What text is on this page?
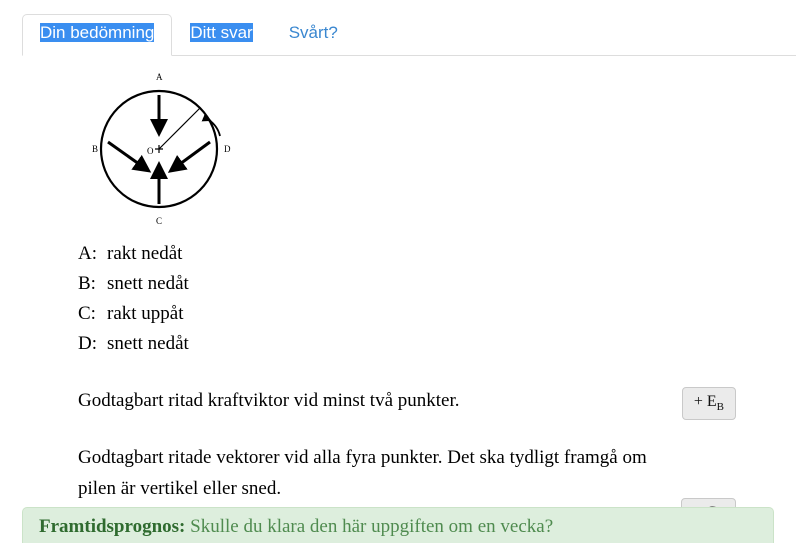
Din bedömning	Ditt svar	Svårt?
O
A
B
C
D
A: rakt nedåt
B: snett nedåt
C: rakt uppåt
D: snett nedåt
Godtagbart ritad kraftviktor vid minst två punkter.	+ $E_B$
Godtagbart ritade vektorer vid alla fyra punkter. Det ska tydligt framgå om pilen är vertikel eller sned.
Framtidsprognos: Skulle du klara den här uppgiften om en vecka?
